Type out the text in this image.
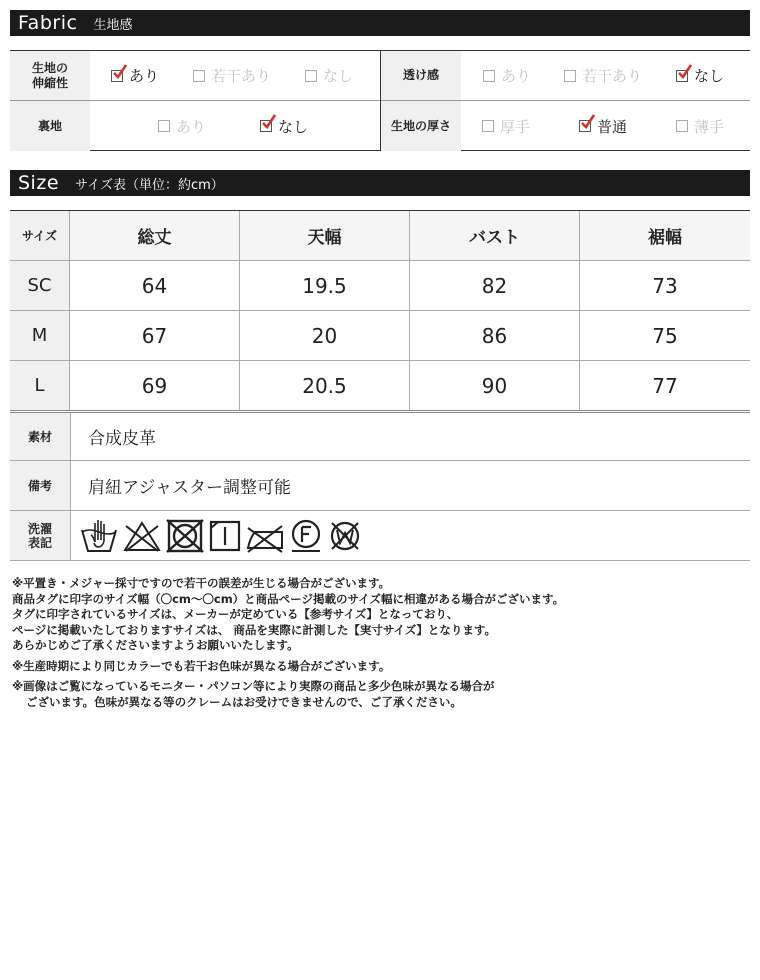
Fabric	生地感
生地の
伸縮性	あり	若干あり	なし	透け感	あり	若干あり	なし
裏地	あり	なし	生地の厚さ	厚手	普通	薄手
Size	サイズ表（単位：約cm）
サイズ	総丈	天幅	バスト	裾幅
SC	64	19.5	82	73
M	67	20	86	75
L	69	20.5	90	77
素材	合成皮革
備考	肩紐アジャスター調整可能
洗濯
表記

※平置き・メジャー採寸ですので若干の誤差が生じる場合がございます。

商品タグに印字のサイズ幅（〇cm〜〇cm）と商品ページ掲載のサイズ幅に相違がある場合がございます。

タグに印字されているサイズは、メーカーが定めている【参考サイズ】となっており、

ページに掲載いたしておりますサイズは、 商品を実際に計測した【実寸サイズ】となります。

あらかじめご了承くださいますようお願いいたします。

※生産時期により同じカラーでも若干お色味が異なる場合がございます。

※画像はご覧になっているモニター・パソコン等により実際の商品と多少色味が異なる場合が

ございます。色味が異なる等のクレームはお受けできませんので、ご了承ください。
